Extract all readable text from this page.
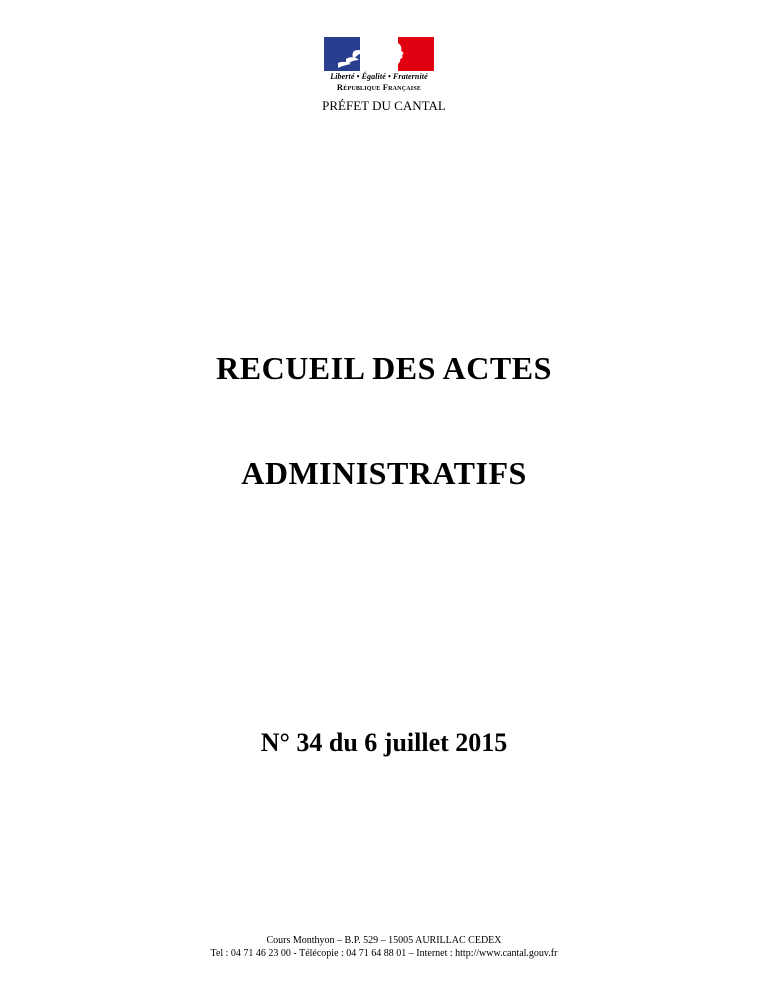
Liberté • Égalité • Fraternité
République Française
PRÉFET DU CANTAL
RECUEIL DES ACTES
ADMINISTRATIFS
N° 34 du 6 juillet 2015
Cours Monthyon – B.P. 529 – 15005 AURILLAC CEDEX
Tel : 04 71 46 23 00 - Télécopie : 04 71 64 88 01 – Internet : http://www.cantal.gouv.fr
